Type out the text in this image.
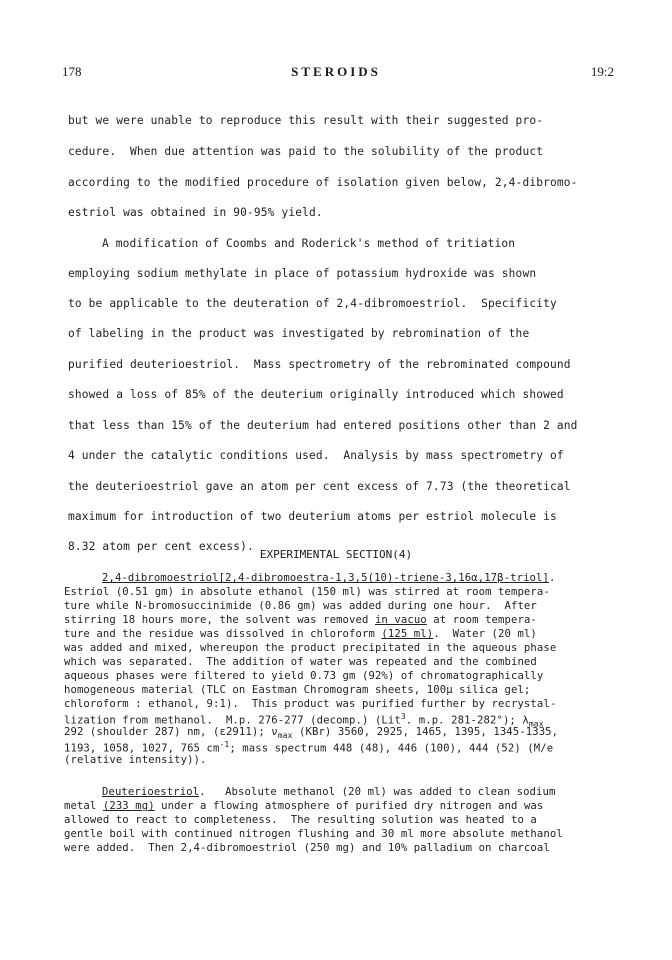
STEROIDS
178	19:2
but we were unable to reproduce this result with their suggested pro-
cedure.  When due attention was paid to the solubility of the product
according to the modified procedure of isolation given below, 2,4-dibromo-
estriol was obtained in 90-95% yield.
A modification of Coombs and Roderick's method of tritiation
employing sodium methylate in place of potassium hydroxide was shown
to be applicable to the deuteration of 2,4-dibromoestriol.  Specificity
of labeling in the product was investigated by rebromination of the
purified deuterioestriol.  Mass spectrometry of the rebrominated compound
showed a loss of 85% of the deuterium originally introduced which showed
that less than 15% of the deuterium had entered positions other than 2 and
4 under the catalytic conditions used.  Analysis by mass spectrometry of
the deuterioestriol gave an atom per cent excess of 7.73 (the theoretical
maximum for introduction of two deuterium atoms per estriol molecule is
8.32 atom per cent excess).
EXPERIMENTAL SECTION(4)
2,4-dibromoestriol[2,4-dibromoestra-1,3,5(10)-triene-3,16α,17β-triol].
Estriol (0.51 gm) in absolute ethanol (150 ml) was stirred at room tempera-
ture while N-bromosuccinimide (0.86 gm) was added during one hour.  After
stirring 18 hours more, the solvent was removed in vacuo at room tempera-
ture and the residue was dissolved in chloroform (125 ml).  Water (20 ml)
was added and mixed, whereupon the product precipitated in the aqueous phase
which was separated.  The addition of water was repeated and the combined
aqueous phases were filtered to yield 0.73 gm (92%) of chromatographically
homogeneous material (TLC on Eastman Chromogram sheets, 100μ silica gel;
chloroform : ethanol, 9:1).  This product was purified further by recrystal-
lization from methanol.  M.p. 276-277 (decomp.) (Lit$^3$. m.p. 281-282°); $\lambda_{max}$
292 (shoulder 287) nm, (ε2911); $\nu_{max}$ (KBr) 3560, 2925, 1465, 1395, 1345-1335,
1193, 1058, 1027, 765 $cm^{-1}$; mass spectrum 448 (48), 446 (100), 444 (52) (M/e
(relative intensity)).
Deuterioestriol.   Absolute methanol (20 ml) was added to clean sodium
metal (233 mg) under a flowing atmosphere of purified dry nitrogen and was
allowed to react to completeness.  The resulting solution was heated to a
gentle boil with continued nitrogen flushing and 30 ml more absolute methanol
were added.  Then 2,4-dibromoestriol (250 mg) and 10% palladium on charcoal
